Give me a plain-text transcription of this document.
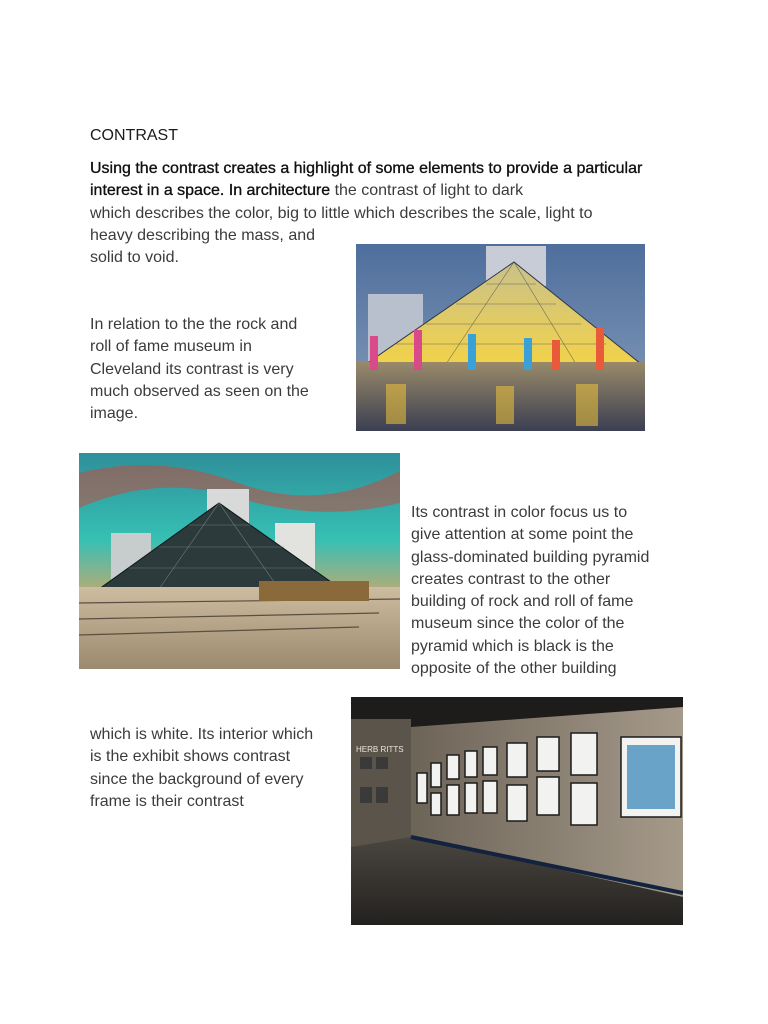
CONTRAST
Using the contrast creates a highlight of some elements to provide a particular interest in a space. In architecture the contrast of light to dark
which describes the color, big to little which describes the scale, light to
heavy describing the mass, and
solid to void.
In relation to the the rock and
roll of fame museum in
Cleveland its contrast is very
much observed as seen on the
image.
Its contrast in color focus us to
give attention at some point the
glass-dominated building pyramid
creates contrast to the other
building of rock and roll of fame
museum since the color of the
pyramid which is black is the
opposite of the other building
which is white. Its interior which
is the exhibit shows contrast
since the background of every
frame is their contrast
HERB RITTS
